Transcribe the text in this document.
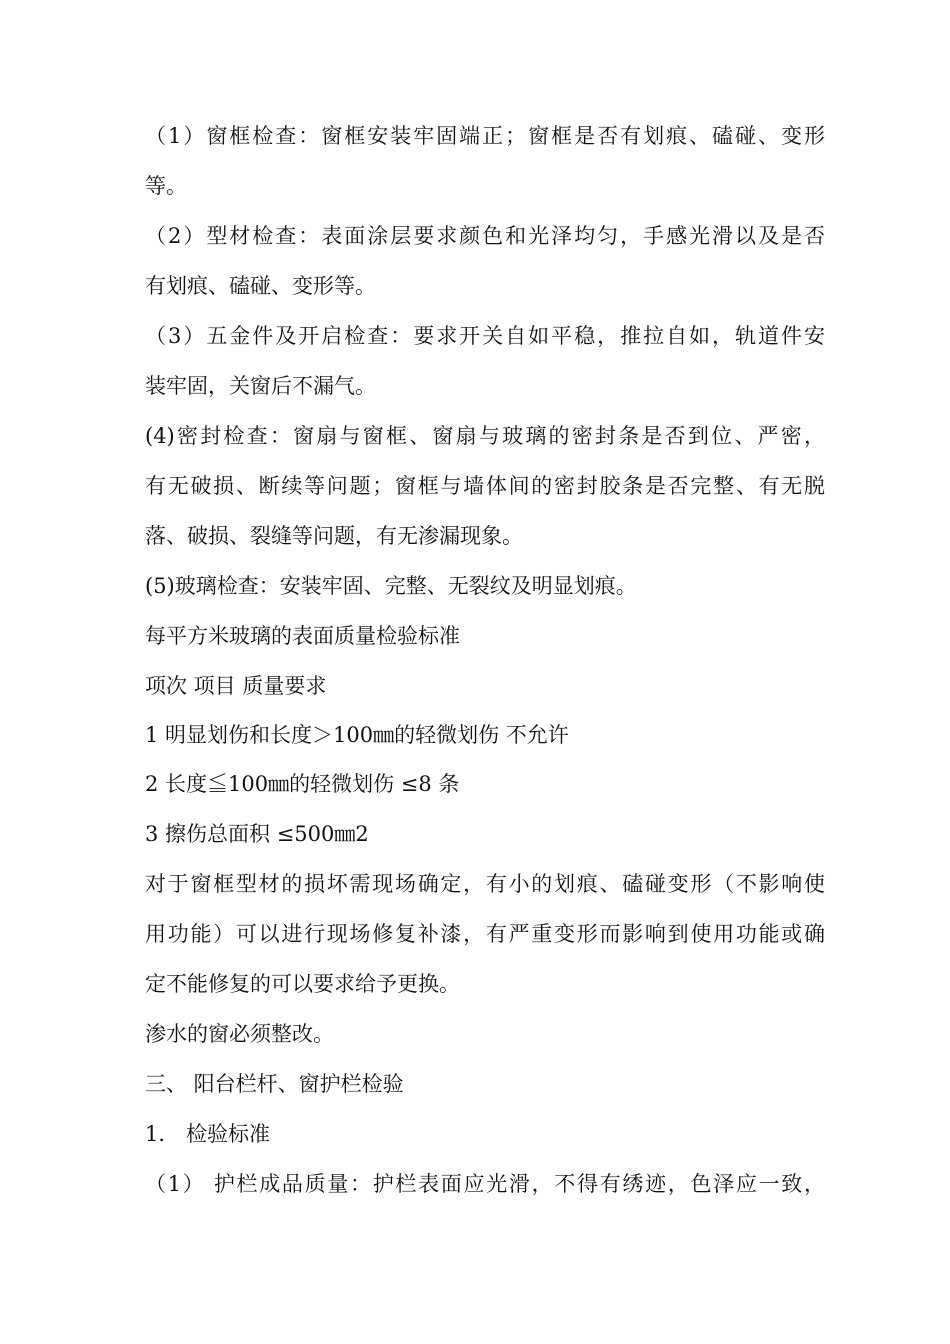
（1）窗框检查：窗框安装牢固端正；窗框是否有划痕、磕碰、变形
等。
（2）型材检查：表面涂层要求颜色和光泽均匀，手感光滑以及是否
有划痕、磕碰、变形等。
（3）五金件及开启检查：要求开关自如平稳，推拉自如，轨道件安
装牢固，关窗后不漏气。
(4)密封检查：窗扇与窗框、窗扇与玻璃的密封条是否到位、严密，
有无破损、断续等问题；窗框与墙体间的密封胶条是否完整、有无脱
落、破损、裂缝等问题，有无渗漏现象。
(5)玻璃检查：安装牢固、完整、无裂纹及明显划痕。
每平方米玻璃的表面质量检验标准
项次 项目 质量要求
1 明显划伤和长度＞100㎜的轻微划伤 不允许
2 长度≦100㎜的轻微划伤 ≤8 条
3 擦伤总面积 ≤500㎜2
对于窗框型材的损坏需现场确定，有小的划痕、磕碰变形（不影响使
用功能）可以进行现场修复补漆，有严重变形而影响到使用功能或确
定不能修复的可以要求给予更换。
渗水的窗必须整改。
三、 阳台栏杆、窗护栏检验
1． 检验标准
（1） 护栏成品质量：护栏表面应光滑，不得有绣迹，色泽应一致，
